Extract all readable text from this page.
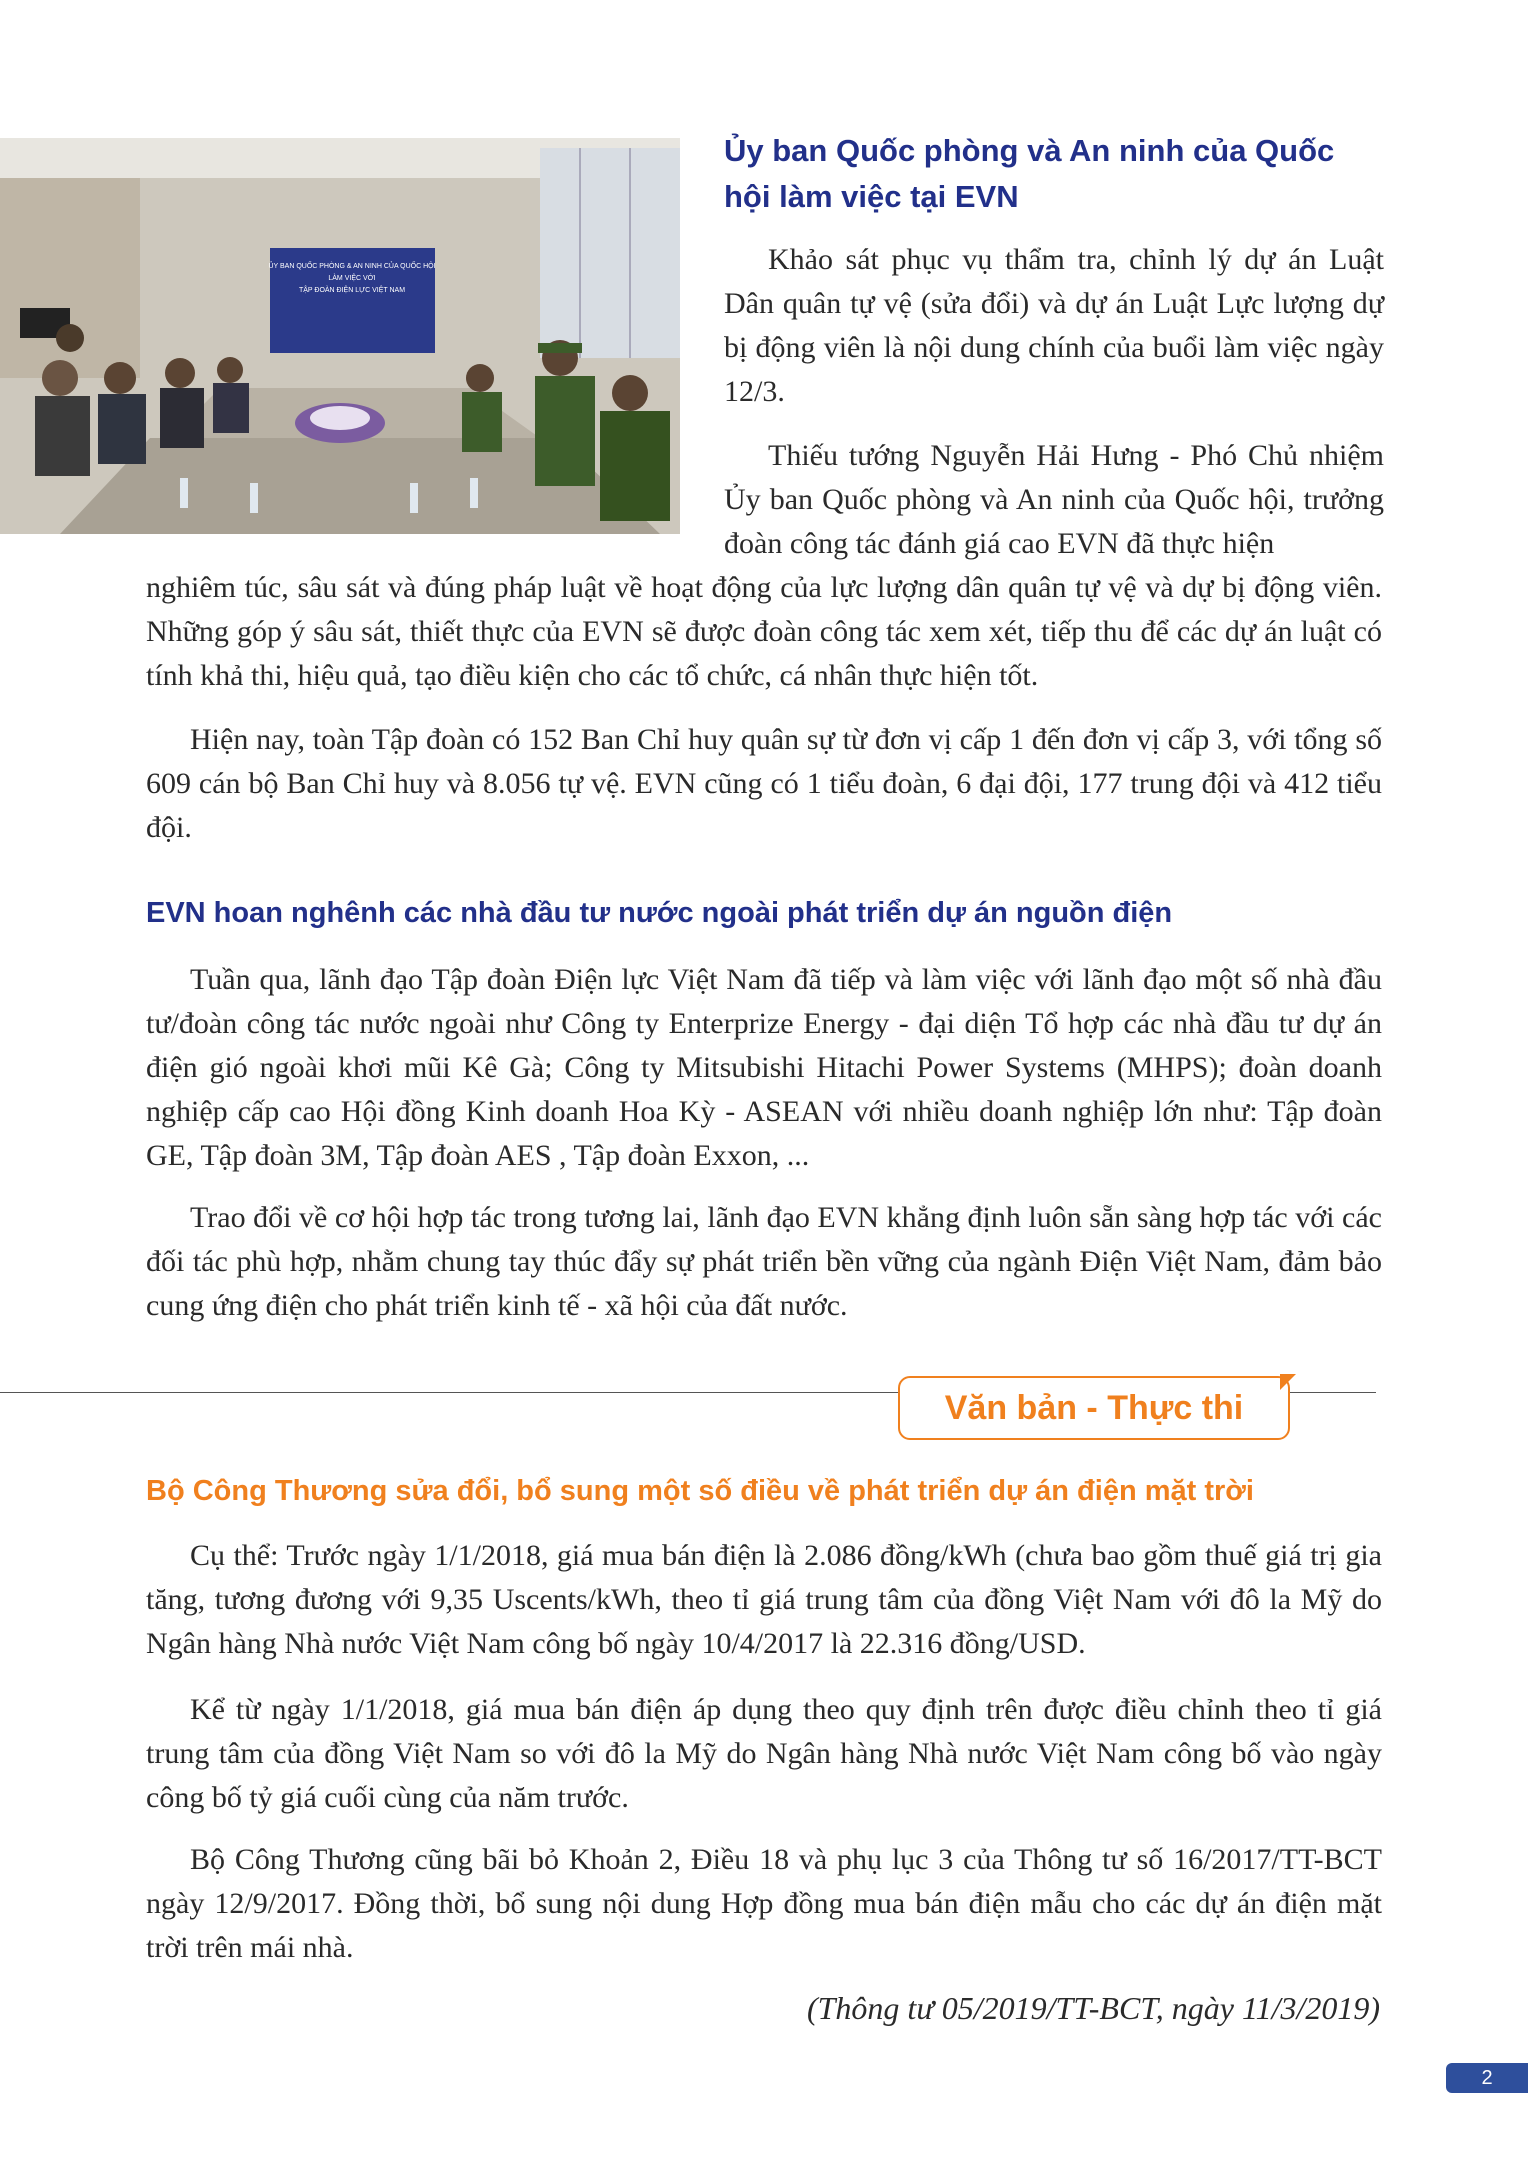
ỦY BAN QUỐC PHÒNG & AN NINH CỦA QUỐC HỘI
LÀM VIỆC VỚI
TẬP ĐOÀN ĐIỆN LỰC VIỆT NAM
Ủy ban Quốc phòng và An ninh của Quốc hội làm việc tại EVN

Khảo sát phục vụ thẩm tra, chỉnh lý dự án Luật Dân quân tự vệ (sửa đổi) và dự án Luật Lực lượng dự bị động viên là nội dung chính của buổi làm việc ngày 12/3.

Thiếu tướng Nguyễn Hải Hưng - Phó Chủ nhiệm Ủy ban Quốc phòng và An ninh của Quốc hội, trưởng đoàn công tác đánh giá cao EVN đã thực hiện

nghiêm túc, sâu sát và đúng pháp luật về hoạt động của lực lượng dân quân tự vệ và dự bị động viên. Những góp ý sâu sát, thiết thực của EVN sẽ được đoàn công tác xem xét, tiếp thu để các dự án luật có tính khả thi, hiệu quả, tạo điều kiện cho các tổ chức, cá nhân thực hiện tốt.

Hiện nay, toàn Tập đoàn có 152 Ban Chỉ huy quân sự từ đơn vị cấp 1 đến đơn vị cấp 3, với tổng số 609 cán bộ Ban Chỉ huy và 8.056 tự vệ. EVN cũng có 1 tiểu đoàn, 6 đại đội, 177 trung đội và 412 tiểu đội.

EVN hoan nghênh các nhà đầu tư nước ngoài phát triển dự án nguồn điện

Tuần qua, lãnh đạo Tập đoàn Điện lực Việt Nam đã tiếp và làm việc với lãnh đạo một số nhà đầu tư/đoàn công tác nước ngoài như Công ty Enterprize Energy - đại diện Tổ hợp các nhà đầu tư dự án điện gió ngoài khơi mũi Kê Gà; Công ty Mitsubishi Hitachi Power Systems (MHPS); đoàn doanh nghiệp cấp cao Hội đồng Kinh doanh Hoa Kỳ - ASEAN với nhiều doanh nghiệp lớn như: Tập đoàn GE, Tập đoàn 3M, Tập đoàn AES , Tập đoàn Exxon, ...

Trao đổi về cơ hội hợp tác trong tương lai, lãnh đạo EVN khẳng định luôn sẵn sàng hợp tác với các đối tác phù hợp, nhằm chung tay thúc đẩy sự phát triển bền vững của ngành Điện Việt Nam, đảm bảo cung ứng điện cho phát triển kinh tế - xã hội của đất nước.

Văn bản - Thực thi
Bộ Công Thương sửa đổi, bổ sung một số điều về phát triển dự án điện mặt trời

Cụ thể: Trước ngày 1/1/2018, giá mua bán điện là 2.086 đồng/kWh (chưa bao gồm thuế giá trị gia tăng, tương đương với 9,35 Uscents/kWh, theo tỉ giá trung tâm của đồng Việt Nam với đô la Mỹ do Ngân hàng Nhà nước Việt Nam công bố ngày 10/4/2017 là 22.316 đồng/USD.

Kể từ ngày 1/1/2018, giá mua bán điện áp dụng theo quy định trên được điều chỉnh theo tỉ giá trung tâm của đồng Việt Nam so với đô la Mỹ do Ngân hàng Nhà nước Việt Nam công bố vào ngày công bố tỷ giá cuối cùng của năm trước.

Bộ Công Thương cũng bãi bỏ Khoản 2, Điều 18 và phụ lục 3 của Thông tư số 16/2017/TT-BCT ngày 12/9/2017. Đồng thời, bổ sung nội dung Hợp đồng mua bán điện mẫu cho các dự án điện mặt trời trên mái nhà.

(Thông tư 05/2019/TT-BCT, ngày 11/3/2019)
2
